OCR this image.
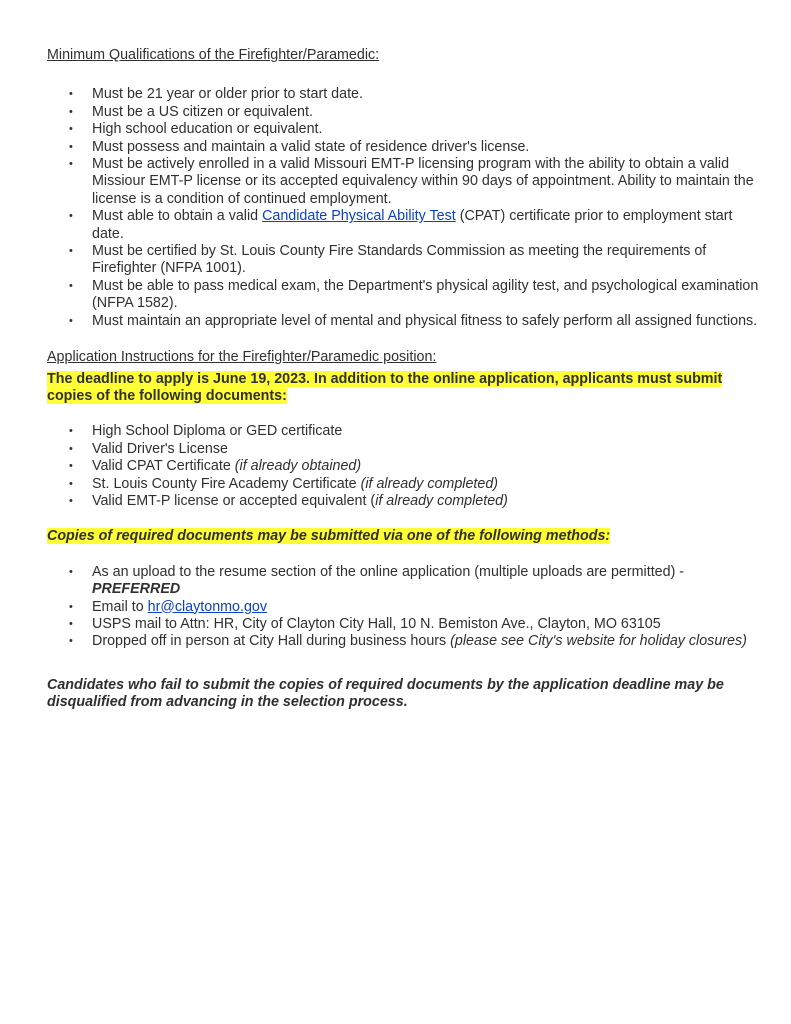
Minimum Qualifications of the Firefighter/Paramedic:

• Must be 21 year or older prior to start date.
• Must be a US citizen or equivalent.
• High school education or equivalent.
• Must possess and maintain a valid state of residence driver's license.
• Must be actively enrolled in a valid Missouri EMT-P licensing program with the ability to obtain a valid Missiour EMT-P license or its accepted equivalency within 90 days of appointment. Ability to maintain the license is a condition of continued employment.
• Must able to obtain a valid Candidate Physical Ability Test (CPAT) certificate prior to employment start date.
• Must be certified by St. Louis County Fire Standards Commission as meeting the requirements of Firefighter (NFPA 1001).
• Must be able to pass medical exam, the Department's physical agility test, and psychological examination (NFPA 1582).
• Must maintain an appropriate level of mental and physical fitness to safely perform all assigned functions.

Application Instructions for the Firefighter/Paramedic position:

The deadline to apply is June 19, 2023. In addition to the online application, applicants must submit copies of the following documents:
• High School Diploma or GED certificate
• Valid Driver's License
• Valid CPAT Certificate (if already obtained)
• St. Louis County Fire Academy Certificate (if already completed)
• Valid EMT-P license or accepted equivalent (if already completed)
Copies of required documents may be submitted via one of the following methods:
• As an upload to the resume section of the online application (multiple uploads are permitted) - PREFERRED
• Email to hr@claytonmo.gov
• USPS mail to Attn: HR, City of Clayton City Hall, 10 N. Bemiston Ave., Clayton, MO 63105
• Dropped off in person at City Hall during business hours (please see City's website for holiday closures)

Candidates who fail to submit the copies of required documents by the application deadline may be disqualified from advancing in the selection process.
